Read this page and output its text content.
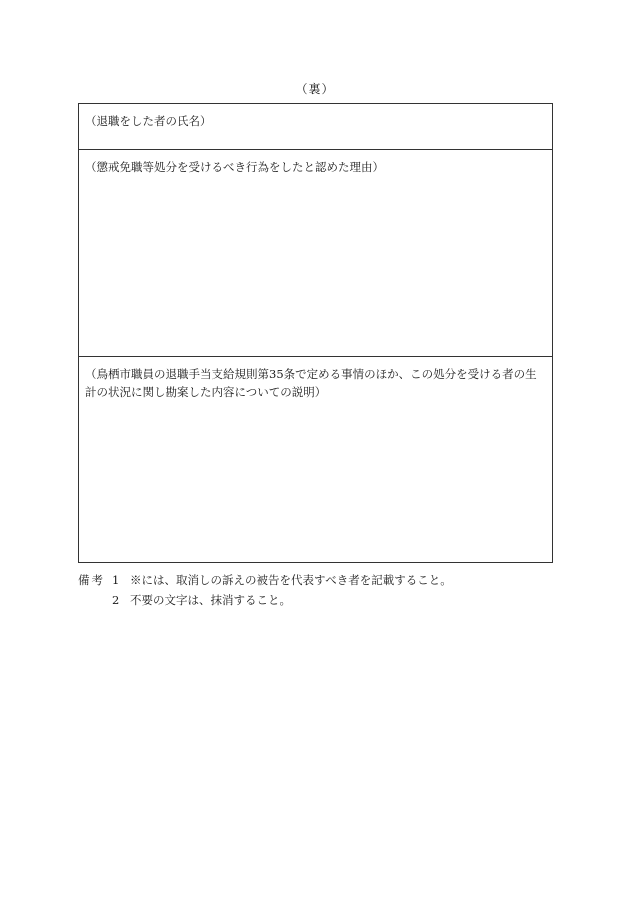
（裏）
（退職をした者の氏名）
（懲戒免職等処分を受けるべき行為をしたと認めた理由）
（鳥栖市職員の退職手当支給規則第35条で定める事情のほか、この処分を受ける者の生計の状況に関し勘案した内容についての説明）
備考 1 ※には、取消しの訴えの被告を代表すべき者を記載すること。
2 不要の文字は、抹消すること。
